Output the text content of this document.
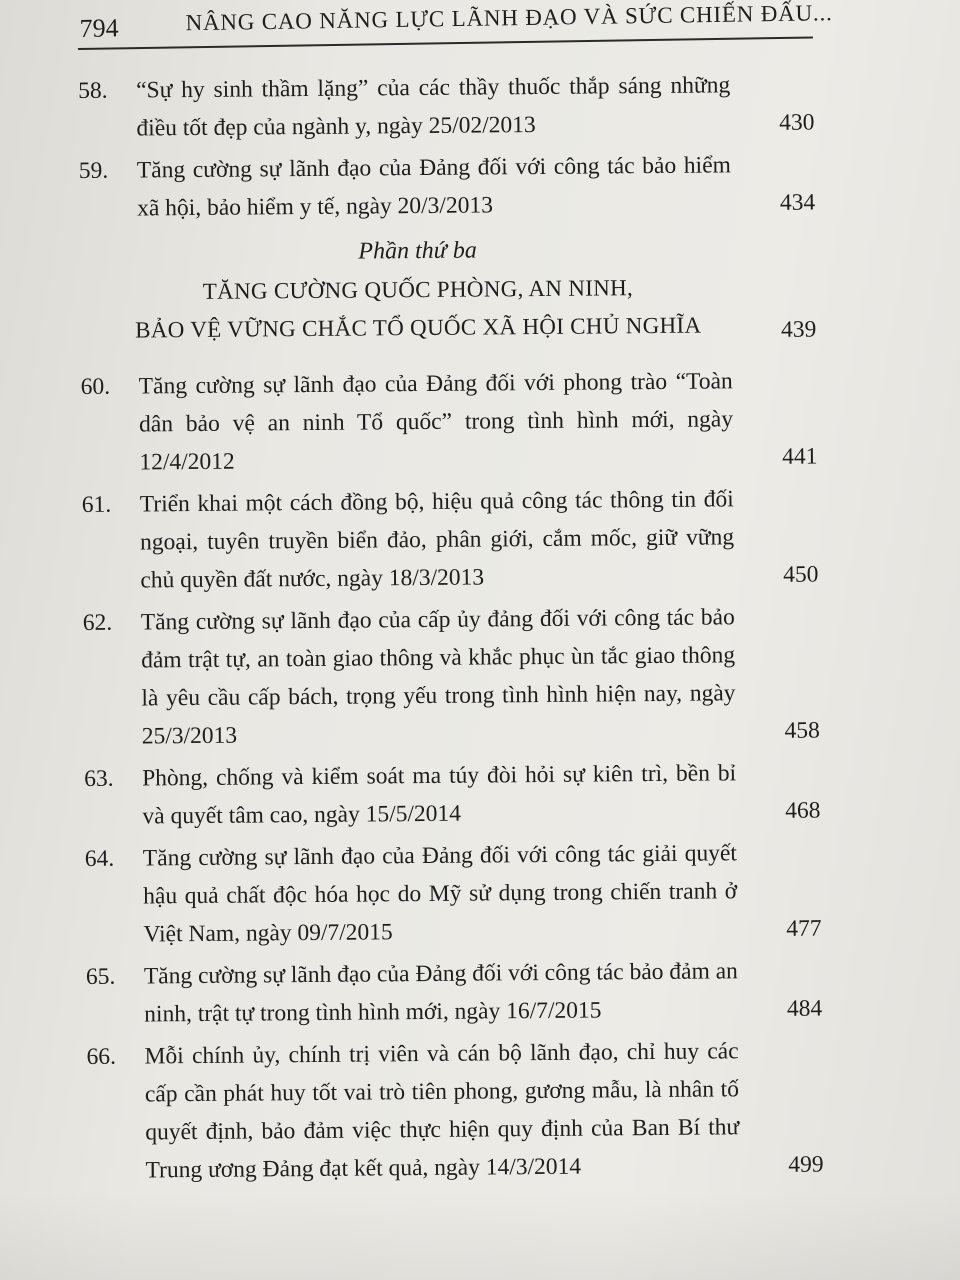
794	NÂNG CAO NĂNG LỰC LÃNH ĐẠO VÀ SỨC CHIẾN ĐẤU...
58. “Sự hy sinh thầm lặng” của các thầy thuốc thắp sáng những điều tốt đẹp của ngành y, ngày 25/02/2013	430
59. Tăng cường sự lãnh đạo của Đảng đối với công tác bảo hiểm xã hội, bảo hiểm y tế, ngày 20/3/2013	434
Phần thứ ba
TĂNG CƯỜNG QUỐC PHÒNG, AN NINH,
BẢO VỆ VỮNG CHẮC TỔ QUỐC XÃ HỘI CHỦ NGHĨA	439
60. Tăng cường sự lãnh đạo của Đảng đối với phong trào “Toàn dân bảo vệ an ninh Tổ quốc” trong tình hình mới, ngày 12/4/2012	441
61. Triển khai một cách đồng bộ, hiệu quả công tác thông tin đối ngoại, tuyên truyền biển đảo, phân giới, cắm mốc, giữ vững chủ quyền đất nước, ngày 18/3/2013	450
62. Tăng cường sự lãnh đạo của cấp ủy đảng đối với công tác bảo đảm trật tự, an toàn giao thông và khắc phục ùn tắc giao thông là yêu cầu cấp bách, trọng yếu trong tình hình hiện nay, ngày 25/3/2013	458
63. Phòng, chống và kiểm soát ma túy đòi hỏi sự kiên trì, bền bỉ và quyết tâm cao, ngày 15/5/2014	468
64. Tăng cường sự lãnh đạo của Đảng đối với công tác giải quyết hậu quả chất độc hóa học do Mỹ sử dụng trong chiến tranh ở Việt Nam, ngày 09/7/2015	477
65. Tăng cường sự lãnh đạo của Đảng đối với công tác bảo đảm an ninh, trật tự trong tình hình mới, ngày 16/7/2015	484
66. Mỗi chính ủy, chính trị viên và cán bộ lãnh đạo, chỉ huy các cấp cần phát huy tốt vai trò tiên phong, gương mẫu, là nhân tố quyết định, bảo đảm việc thực hiện quy định của Ban Bí thư Trung ương Đảng đạt kết quả, ngày 14/3/2014	499
